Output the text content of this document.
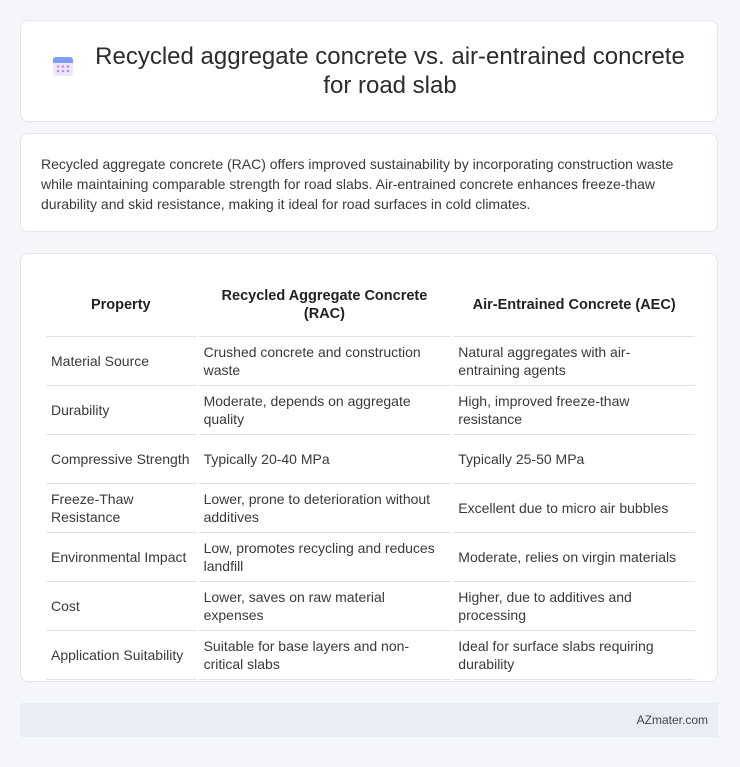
Recycled aggregate concrete vs. air-entrained concrete for road slab

Recycled aggregate concrete (RAC) offers improved sustainability by incorporating construction waste while maintaining comparable strength for road slabs. Air-entrained concrete enhances freeze-thaw durability and skid resistance, making it ideal for road surfaces in cold climates.

Property	Recycled Aggregate Concrete (RAC)	Air-Entrained Concrete (AEC)
Material Source	Crushed concrete and construction waste	Natural aggregates with air-entraining agents
Durability	Moderate, depends on aggregate quality	High, improved freeze-thaw resistance
Compressive Strength	Typically 20-40 MPa	Typically 25-50 MPa
Freeze-Thaw Resistance	Lower, prone to deterioration without additives	Excellent due to micro air bubbles
Environmental Impact	Low, promotes recycling and reduces landfill	Moderate, relies on virgin materials
Cost	Lower, saves on raw material expenses	Higher, due to additives and processing
Application Suitability	Suitable for base layers and non-critical slabs	Ideal for surface slabs requiring durability
AZmater.com
